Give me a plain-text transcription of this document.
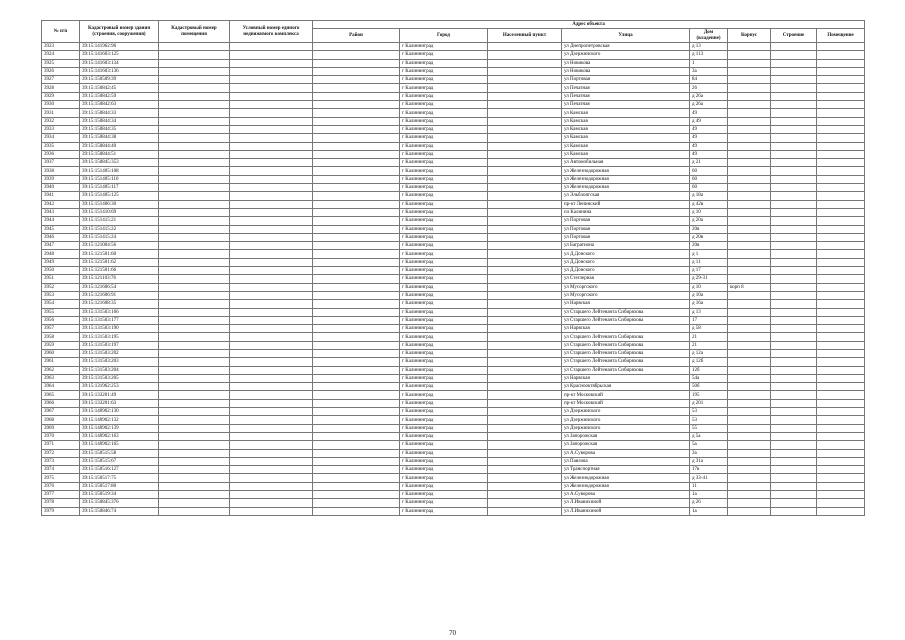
№ п/п	Кадастровый номер здания (строения, сооружения)	Кадастровый номер помещения	Условный номер единого недвижимого комплекса	Адрес объекта							
				Район	Город	Населенный пункт	Улица	Дом (владение)	Корпус	Строение	Помещение
3923	39:15:141962:96				г Калининград		ул Днепропетровская	д 13			
3924	39:15:141603:125				г Калининград		ул Дзержинского	д 113			
3925	39:15:141603:134				г Калининград		ул Новикова	1			
3926	39:15:141603:136				г Калининград		ул Новикова	3а			
3927	39:15:150509:39				г Калининград		ул Портовая	84			
3928	39:15:150842:45				г Калининград		ул Печатная	26			
3929	39:15:150842:59				г Калининград		ул Печатная	д 26а			
3930	39:15:150842:63				г Калининград		ул Печатная	д 26а			
3931	39:15:150844:33				г Калининград		ул Камская	49			
3932	39:15:150844:34				г Калининград		ул Камская	д 49			
3933	39:15:150844:35				г Калининград		ул Камская	49			
3934	39:15:150844:38				г Калининград		ул Камская	49			
3935	39:15:150844:40				г Калининград		ул Камская	49			
3936	39:15:150844:51				г Калининград		ул Камская	49			
3937	39:15:150845:353				г Калининград		ул Автомобильная	д 21			
3938	39:15:151405:108				г Калининград		ул Железнодорожная	60			
3939	39:15:151405:110				г Калининград		ул Железнодорожная	60			
3940	39:15:151405:117				г Калининград		ул Железнодорожная	60			
3941	39:15:151405:125				г Калининград		ул Эльблонгская	д 18а			
3942	39:15:151406:30				г Калининград		пр-кт Ленинский	д 42в			
3943	39:15:151410:69				г Калининград		пл Калинина	д 10			
3944	39:15:151415:21				г Калининград		ул Портовая	д 20а			
3945	39:15:151415:22				г Калининград		ул Портовая	20в			
3946	39:15:151415:24				г Калининград		ул Портовая	д 20в			
3947	39:15:121004:56				г Калининград		ул Багратиона	20в			
3948	39:15:121501:60				г Калининград		ул Д.Донского	д 1			
3949	39:15:121501:62				г Калининград		ул Д.Донского	д 11			
3950	39:15:121501:66				г Калининград		ул Д.Донского	д 17			
3951	39:15:121103:76				г Калининград		ул Стеглерная	д 29-31			
3952	39:15:121606:54				г Калининград		ул Мусоргского	д 10	корп 8		
3953	39:15:121606:91				г Калининград		ул Мусоргского	д 10а			
3954	39:15:121608:35				г Калининград		ул Нарвская	д 16а			
3955	39:15:131503:166				г Калининград		ул Старшего Лейтенанта Сибиряхова	д 13			
3956	39:15:131503:177				г Калининград		ул Старшего Лейтенанта Сибиряхова	17			
3957	39:15:131503:190				г Калининград		ул Нарвская	д 58			
3958	39:15:131503:195				г Калининград		ул Старшего Лейтенанта Сибиряхова	21			
3959	39:15:131503:197				г Калининград		ул Старшего Лейтенанта Сибиряхова	21			
3960	39:15:131503:202				г Калининград		ул Старшего Лейтенанта Сибиряхова	д 12а			
3961	39:15:131503:203				г Калининград		ул Старшего Лейтенанта Сибиряхова	д 12б			
3962	39:15:131503:204				г Калининград		ул Старшего Лейтенанта Сибиряхова	12б			
3963	39:15:131503:205				г Калининград		ул Нарвская	54а			
3964	39:15:131962:253				г Калининград		ул Краснооктябрьская	50б			
3965	39:15:133201:49				г Калининград		пр-кт Московский	195			
3966	39:15:133201:63				г Калининград		пр-кт Московский	д 201			
3967	39:15:140902:130				г Калининград		ул Дзержинского	53			
3968	39:15:140902:132				г Калининград		ул Дзержинского	53			
3969	39:15:140902:139				г Калининград		ул Дзержинского	55			
3970	39:15:140902:163				г Калининград		ул Запорожская	д 5а			
3971	39:15:140902:165				г Калининград		ул Запорожская	5а			
3972	39:15:150515:58				г Калининград		ул А.Суворова	3а			
3973	39:15:150515:67				г Калининград		ул Павлова	д 31а			
3974	39:15:150516:127				г Калининград		ул Транспортная	17в			
3975	39:15:150517:75				г Калининград		ул Железнодорожная	д 33-41			
3976	39:15:150517:80				г Калининград		ул Железнодорожная	11			
3977	39:15:150519:34				г Калининград		ул А.Суворова	1а			
3978	39:15:150845:376				г Калининград		ул Л.Иванихиной	д 26			
3979	39:15:150846:74				г Калининград		ул Л.Иванихиной	1а			
70
